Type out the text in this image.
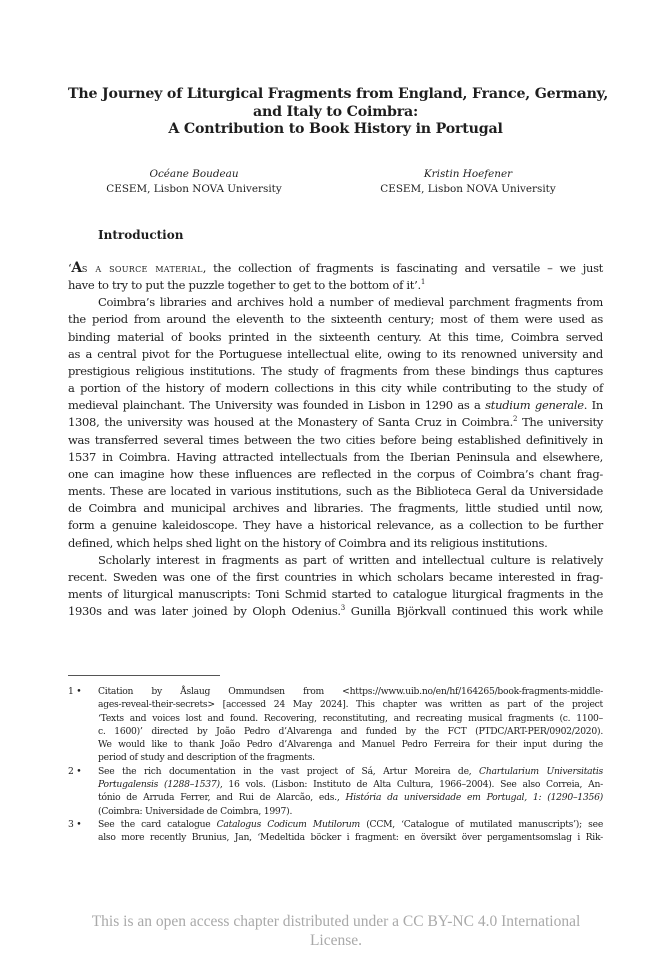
The Journey of Liturgical Fragments from England, France, Germany,
and Italy to Coimbra:
A Contribution to Book History in Portugal
Océane Boudeau
CESEM, Lisbon NOVA University
Kristin Hoefener
CESEM, Lisbon NOVA University
Introduction

‘As a source material, the collection of fragments is fascinating and versatile – we just
have to try to put the puzzle together to get to the bottom of it’.$^1$

Coimbra’s libraries and archives hold a number of medieval parchment fragments from
the period from around the eleventh to the sixteenth century; most of them were used as
binding material of books printed in the sixteenth century. At this time, Coimbra served
as a central pivot for the Portuguese intellectual elite, owing to its renowned university and
prestigious religious institutions. The study of fragments from these bindings thus captures
a portion of the history of modern collections in this city while contributing to the study of
medieval plainchant. The University was founded in Lisbon in 1290 as a studium generale. In
1308, the university was housed at the Monastery of Santa Cruz in Coimbra.$^2$ The university
was transferred several times between the two cities before being established definitively in
1537 in Coimbra. Having attracted intellectuals from the Iberian Peninsula and elsewhere,
one can imagine how these influences are reflected in the corpus of Coimbra’s chant frag-
ments. These are located in various institutions, such as the Biblioteca Geral da Universidade
de Coimbra and municipal archives and libraries. The fragments, little studied until now,
form a genuine kaleidoscope. They have a historical relevance, as a collection to be further
defined, which helps shed light on the history of Coimbra and its religious institutions.

Scholarly interest in fragments as part of written and intellectual culture is relatively
recent. Sweden was one of the first countries in which scholars became interested in frag-
ments of liturgical manuscripts: Toni Schmid started to catalogue liturgical fragments in the
1930s and was later joined by Oloph Odenius.$^3$ Gunilla Björkvall continued this work while

1 •	Citation by Åslaug Ommundsen from <https://www.uib.no/en/hf/164265/book-fragments-middle-
ages-reveal-their-secrets> [accessed 24 May 2024]. This chapter was written as part of the project
‘Texts and voices lost and found. Recovering, reconstituting, and recreating musical fragments (c. 1100–
c. 1600)’ directed by João Pedro d’Alvarenga and funded by the FCT (PTDC/ART-PER/0902/2020).
We would like to thank João Pedro d’Alvarenga and Manuel Pedro Ferreira for their input during the
period of study and description of the fragments.
2 •	See the rich documentation in the vast project of Sá, Artur Moreira de, Chartularium Universitatis
Portugalensis (1288–1537), 16 vols. (Lisbon: Instituto de Alta Cultura, 1966–2004). See also Correia, An-
tónio de Arruda Ferrer, and Rui de Alarcão, eds., História da universidade em Portugal, 1: (1290–1356)
(Coimbra: Universidade de Coimbra, 1997).
3 •	See the card catalogue Catalogus Codicum Mutilorum (CCM, ‘Catalogue of mutilated manuscripts’); see
also more recently Brunius, Jan, ‘Medeltida böcker i fragment: en översikt över pergamentsomslag i Rik-
This is an open access chapter distributed under a CC BY-NC 4.0 International
License.
